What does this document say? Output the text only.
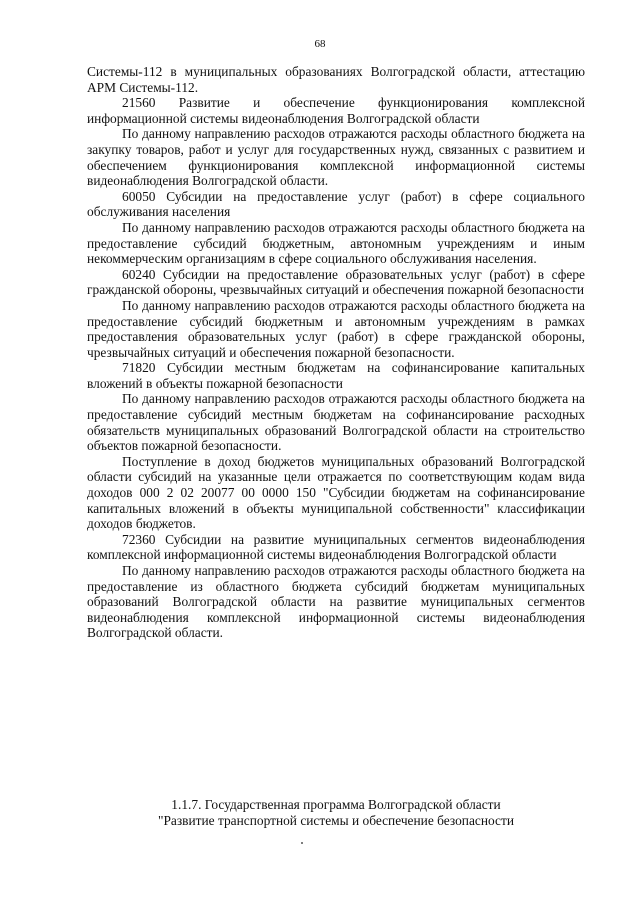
68

Системы-112 в муниципальных образованиях Волгоградской области, аттестацию АРМ Системы-112.

21560 Развитие и обеспечение функционирования комплексной информационной системы видеонаблюдения Волгоградской области

По данному направлению расходов отражаются расходы областного бюджета на закупку товаров, работ и услуг для государственных нужд, связанных с развитием и обеспечением функционирования комплексной информационной системы видеонаблюдения Волгоградской области.

60050 Субсидии на предоставление услуг (работ) в сфере социального обслуживания населения

По данному направлению расходов отражаются расходы областного бюджета на предоставление субсидий бюджетным, автономным учреждениям и иным некоммерческим организациям в сфере социального обслуживания населения.

60240 Субсидии на предоставление образовательных услуг (работ) в сфере гражданской обороны, чрезвычайных ситуаций и обеспечения пожарной безопасности

По данному направлению расходов отражаются расходы областного бюджета на предоставление субсидий бюджетным и автономным учреждениям в рамках предоставления образовательных услуг (работ) в сфере гражданской обороны, чрезвычайных ситуаций и обеспечения пожарной безопасности.

71820 Субсидии местным бюджетам на софинансирование капитальных вложений в объекты пожарной безопасности

По данному направлению расходов отражаются расходы областного бюджета на предоставление субсидий местным бюджетам на софинансирование расходных обязательств муниципальных образований Волгоградской области на строительство объектов пожарной безопасности.

Поступление в доход бюджетов муниципальных образований Волгоградской области субсидий на указанные цели отражается по соответствующим кодам вида доходов 000 2 02 20077 00 0000 150 "Субсидии бюджетам на софинансирование капитальных вложений в объекты муниципальной собственности" классификации доходов бюджетов.

72360 Субсидии на развитие муниципальных сегментов видеонаблюдения комплексной информационной системы видеонаблюдения Волгоградской области

По данному направлению расходов отражаются расходы областного бюджета на предоставление из областного бюджета субсидий бюджетам муниципальных образований Волгоградской области на развитие муниципальных сегментов видеонаблюдения комплексной информационной системы видеонаблюдения Волгоградской области.

1.1.7. Государственная программа Волгоградской области
"Развитие транспортной системы и обеспечение безопасности
